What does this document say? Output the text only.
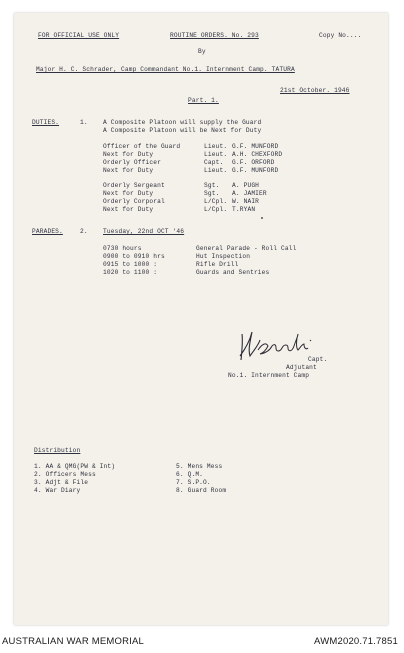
FOR OFFICIAL USE ONLY	ROUTINE ORDERS. No. 293	Copy No....
By
Major H. C. Schrader, Camp Commandant No.1. Internment Camp. TATURA
21st October. 1946
Part. 1.
DUTIES.	1. A Composite Platoon will supply the Guard
A Composite Platoon will be Next for Duty
Officer of the Guard	Lieut. G.F. MUNFORD
Next for Duty	Lieut. A.H. CHEXFORD
Orderly Officer	Capt. G.F. ORFORD
Next for Duty	Lieut. G.F. MUNFORD
Orderly Sergeant	Sgt. A. PUGH
Next for Duty	Sgt. A. JAMIER
Orderly Corporal	L/Cpl. W. NAIR
Next for Duty	L/Cpl. T.RYAN
PARADES.	2. Tuesday, 22nd OCT '46
0730 hours	General Parade - Roll Call
0900 to 0910 hrs	Hut Inspection
0915 to 1000 :	Rifle Drill
1020 to 1100 :	Guards and Sentries
Capt.
Adjutant
No.1. Internment Camp
Distribution
1. AA & QMG(PW & Int)
2. Officers Mess
3. Adjt & File
4. War Diary
5. Mens Mess
6. Q.M.
7. S.P.O.
8. Guard Room
AUSTRALIAN WAR MEMORIAL	AWM2020.71.7851
